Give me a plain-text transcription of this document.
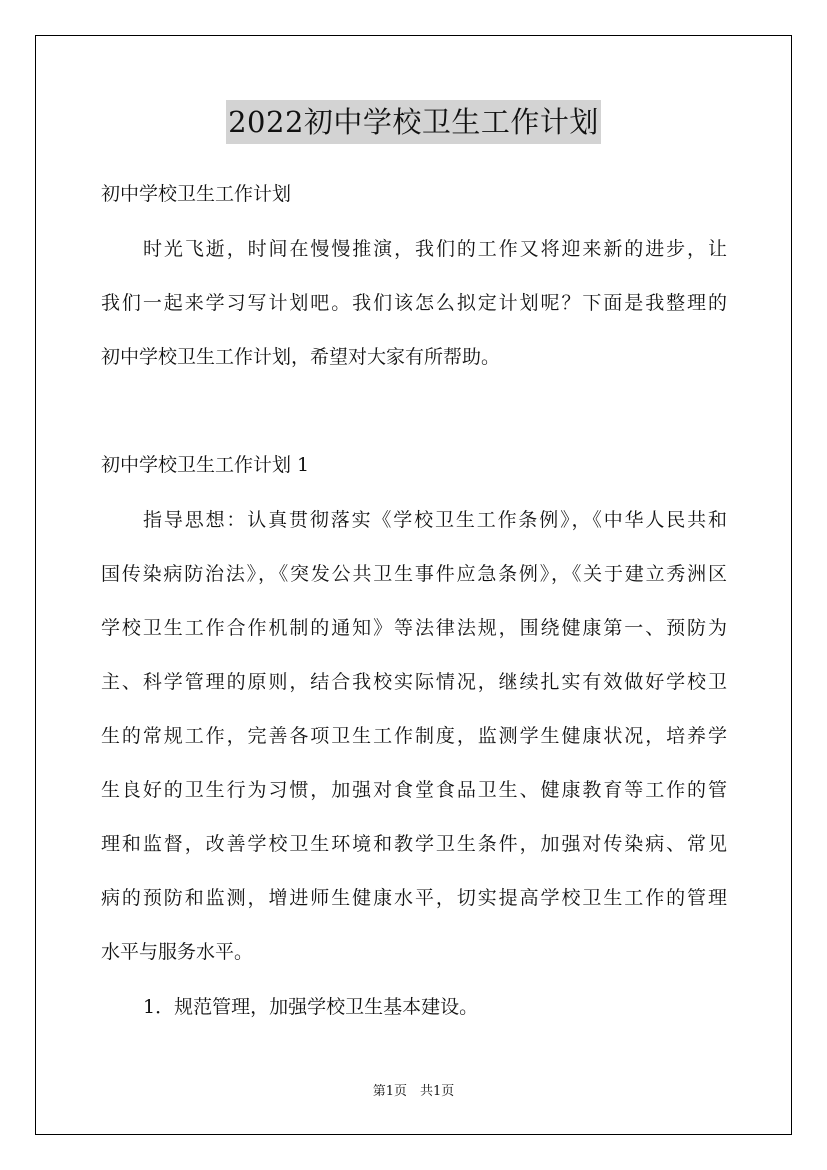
2022初中学校卫生工作计划
初中学校卫生工作计划
时光飞逝，时间在慢慢推演，我们的工作又将迎来新的进步，让
我们一起来学习写计划吧。我们该怎么拟定计划呢？下面是我整理的
初中学校卫生工作计划，希望对大家有所帮助。
初中学校卫生工作计划 1
指导思想：认真贯彻落实《学校卫生工作条例》，《中华人民共和
国传染病防治法》，《突发公共卫生事件应急条例》，《关于建立秀洲区
学校卫生工作合作机制的通知》等法律法规，围绕健康第一、预防为
主、科学管理的原则，结合我校实际情况，继续扎实有效做好学校卫
生的常规工作，完善各项卫生工作制度，监测学生健康状况，培养学
生良好的卫生行为习惯，加强对食堂食品卫生、健康教育等工作的管
理和监督，改善学校卫生环境和教学卫生条件，加强对传染病、常见
病的预防和监测，增进师生健康水平，切实提高学校卫生工作的管理
水平与服务水平。
1．规范管理，加强学校卫生基本建设。
第1页　共1页
